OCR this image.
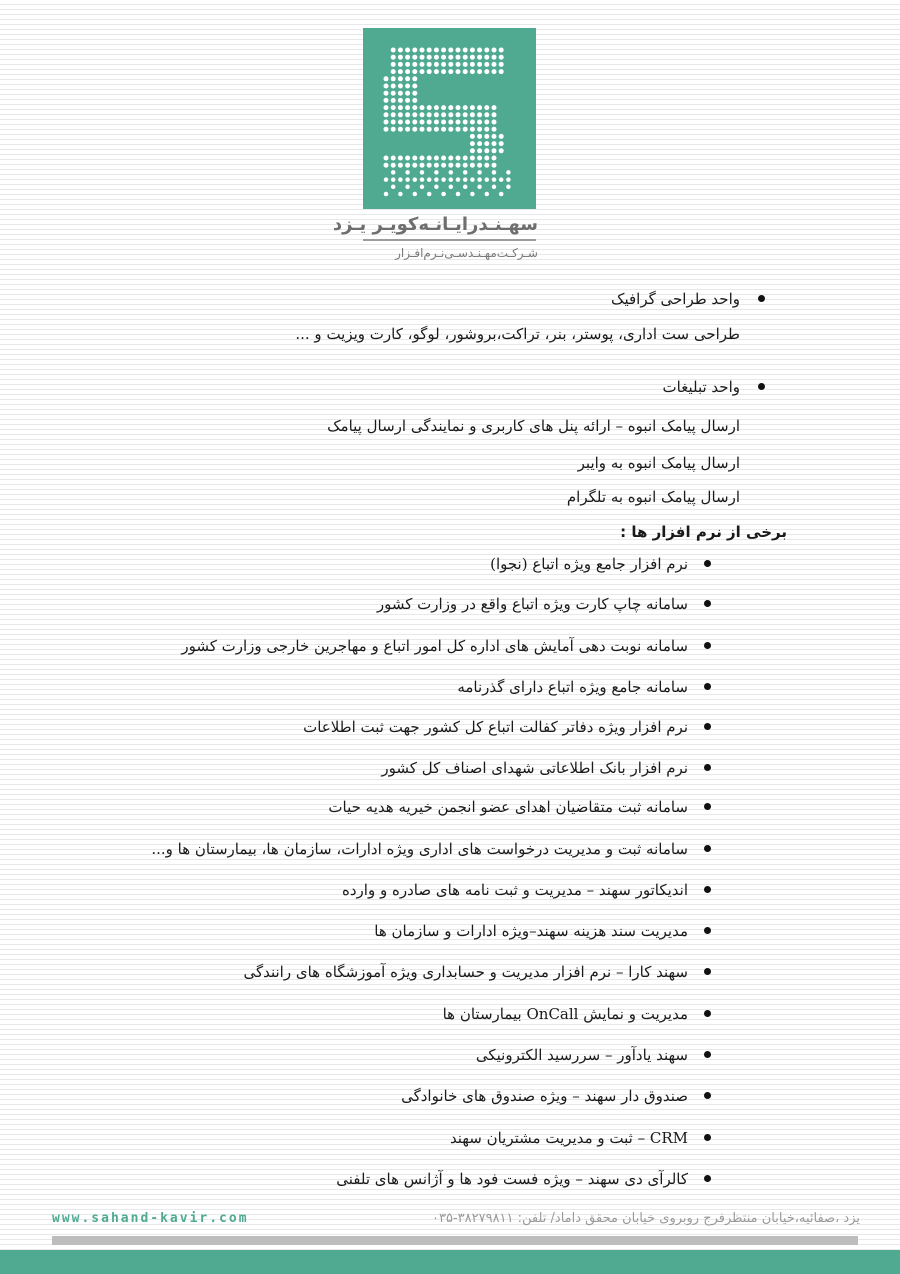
سهـنـدرایـانـه‌کویـر یـزد
شـرکـت‌مهـنـدسـی‌نـرم‌افـزار
واحد طراحی گرافیک
طراحی ست اداری، پوستر، بنر، تراکت،بروشور، لوگو، کارت ویزیت و ...
واحد تبلیغات
ارسال پیامک انبوه – ارائه پنل های کاربری و نمایندگی ارسال پیامک
ارسال پیامک انبوه به وایبر
ارسال پیامک انبوه به تلگرام
برخی از نرم افزار ها :
نرم افزار جامع ویژه اتباع (نجوا)
سامانه چاپ کارت ویژه اتباع واقع در وزارت کشور
سامانه نوبت دهی آمایش های اداره کل امور اتباع و مهاجرین خارجی وزارت کشور
سامانه جامع ویژه اتباع دارای گذرنامه
نرم افزار ویژه دفاتر کفالت اتباع کل کشور جهت ثبت اطلاعات
نرم افزار بانک اطلاعاتی شهدای اصناف کل کشور
سامانه ثبت متقاضیان اهدای عضو انجمن خیریه هدیه حیات
سامانه ثبت و مدیریت درخواست های اداری ویژه ادارات، سازمان ها، بیمارستان ها و...
اندیکاتور سهند – مدیریت و ثبت نامه های صادره و وارده
مدیریت سند هزینه سهند–ویژه ادارات و سازمان ها
سهند کارا – نرم افزار مدیریت و حسابداری ویژه آموزشگاه های رانندگی
مدیریت و نمایش OnCall بیمارستان ها
سهند یادآور – سررسید الکترونیکی
صندوق دار سهند – ویژه صندوق های خانوادگی
CRM – ثبت و مدیریت مشتریان سهند
کالرآی دی سهند – ویژه فست فود ها و آژانس های تلفنی
www.sahand-kavir.com	یزد ،صفائیه،خیابان منتظرفرج روبروی خیابان محقق داماد/ تلفن: ۳۸۲۷۹۸۱۱-۰۳۵
